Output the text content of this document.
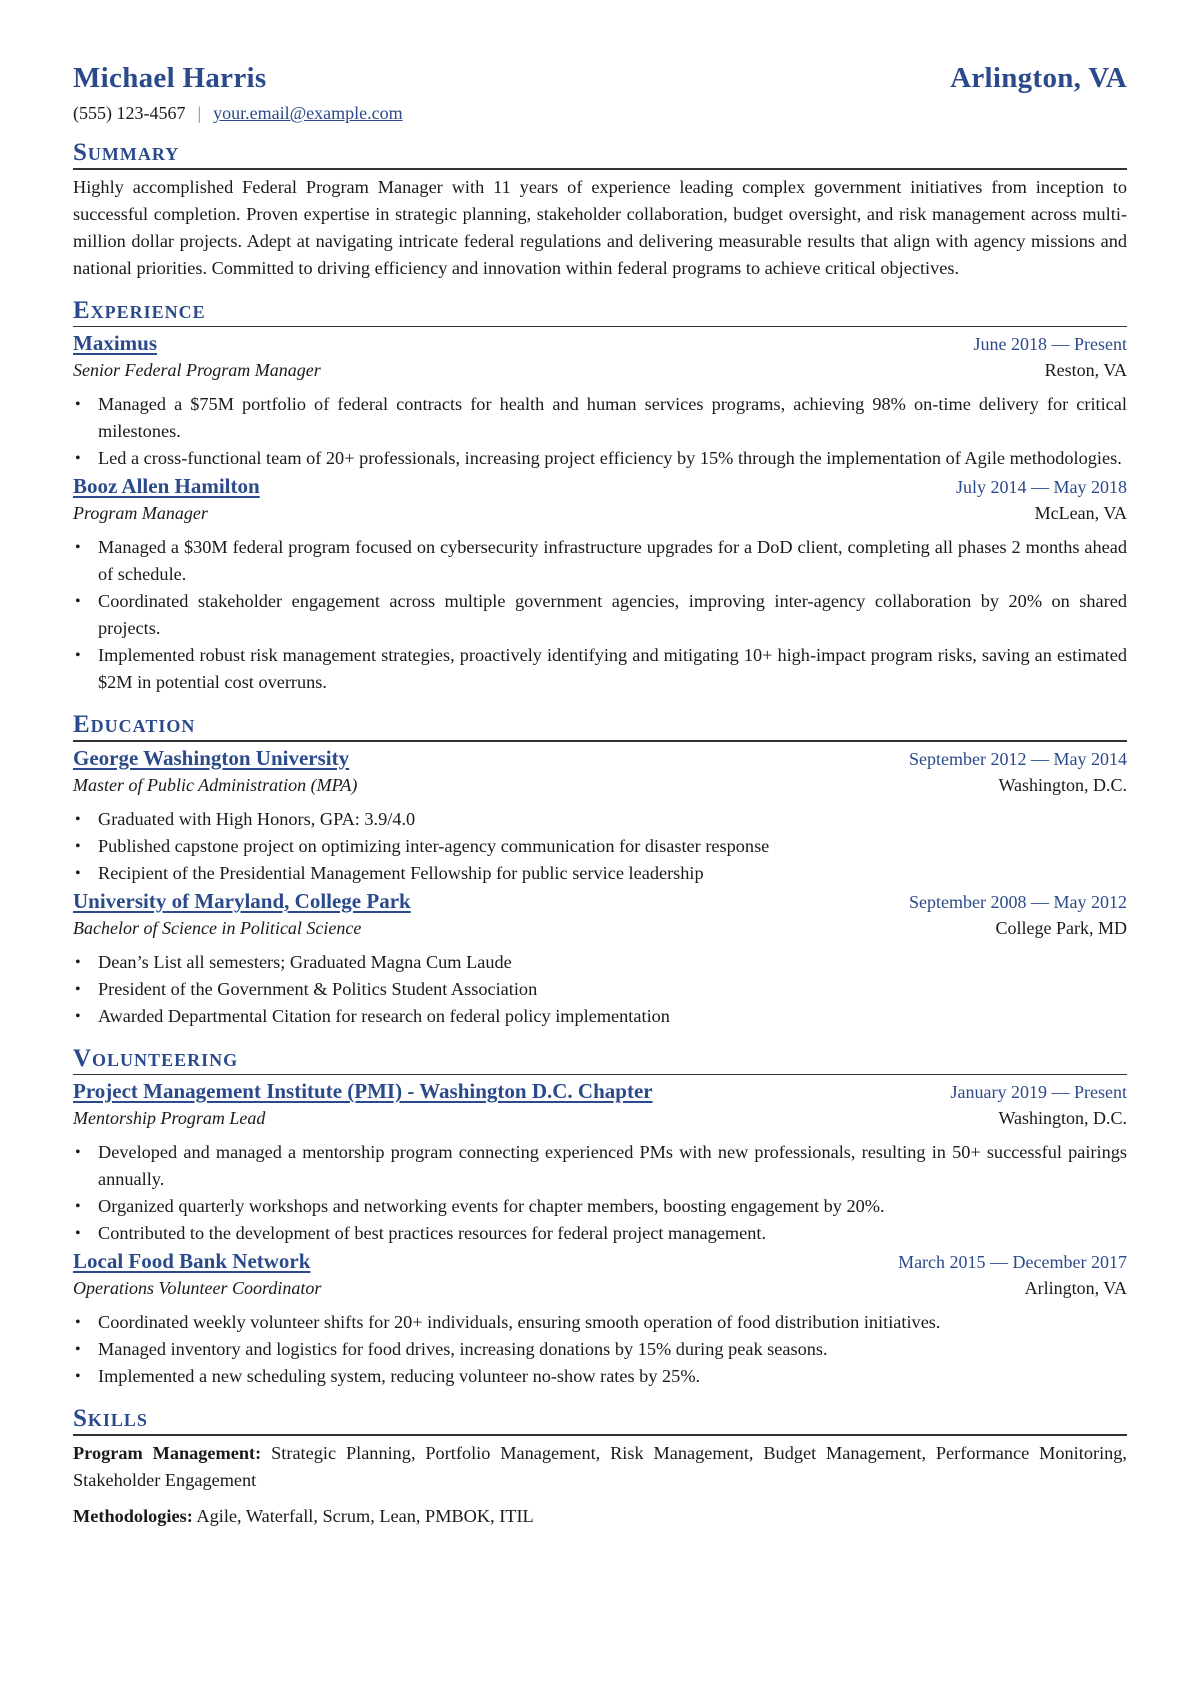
Michael Harris	Arlington, VA
(555) 123-4567 | your.email@example.com
Summary
Highly accomplished Federal Program Manager with 11 years of experience leading complex government initiatives from inception to successful completion. Proven expertise in strategic planning, stakeholder collaboration, budget oversight, and risk management across multi-million dollar projects. Adept at navigating intricate federal regulations and delivering measurable results that align with agency missions and national priorities. Committed to driving efficiency and innovation within federal programs to achieve critical objectives.
Experience
Maximus	June 2018 — Present
Senior Federal Program Manager	Reston, VA
• Managed a $75M portfolio of federal contracts for health and human services programs, achieving 98% on-time delivery for critical milestones.
• Led a cross-functional team of 20+ professionals, increasing project efficiency by 15% through the implementation of Agile methodologies.
Booz Allen Hamilton	July 2014 — May 2018
Program Manager	McLean, VA
• Managed a $30M federal program focused on cybersecurity infrastructure upgrades for a DoD client, completing all phases 2 months ahead of schedule.
• Coordinated stakeholder engagement across multiple government agencies, improving inter-agency collaboration by 20% on shared projects.
• Implemented robust risk management strategies, proactively identifying and mitigating 10+ high-impact program risks, saving an estimated $2M in potential cost overruns.
Education
George Washington University	September 2012 — May 2014
Master of Public Administration (MPA)	Washington, D.C.
• Graduated with High Honors, GPA: 3.9/4.0
• Published capstone project on optimizing inter-agency communication for disaster response
• Recipient of the Presidential Management Fellowship for public service leadership
University of Maryland, College Park	September 2008 — May 2012
Bachelor of Science in Political Science	College Park, MD
• Dean’s List all semesters; Graduated Magna Cum Laude
• President of the Government & Politics Student Association
• Awarded Departmental Citation for research on federal policy implementation
Volunteering
Project Management Institute (PMI) - Washington D.C. Chapter	January 2019 — Present
Mentorship Program Lead	Washington, D.C.
• Developed and managed a mentorship program connecting experienced PMs with new professionals, resulting in 50+ successful pairings annually.
• Organized quarterly workshops and networking events for chapter members, boosting engagement by 20%.
• Contributed to the development of best practices resources for federal project management.
Local Food Bank Network	March 2015 — December 2017
Operations Volunteer Coordinator	Arlington, VA
• Coordinated weekly volunteer shifts for 20+ individuals, ensuring smooth operation of food distribution initiatives.
• Managed inventory and logistics for food drives, increasing donations by 15% during peak seasons.
• Implemented a new scheduling system, reducing volunteer no-show rates by 25%.
Skills
Program Management: Strategic Planning, Portfolio Management, Risk Management, Budget Management, Performance Monitoring, Stakeholder Engagement
Methodologies: Agile, Waterfall, Scrum, Lean, PMBOK, ITIL
